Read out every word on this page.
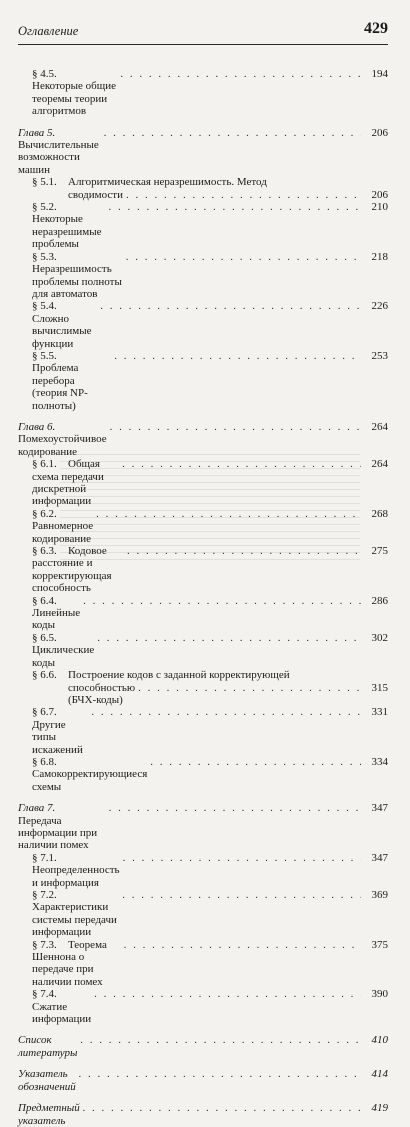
Оглавление	429
§ 4.5.Некоторые общие теоремы теории алгоритмов
. . .
194
Глава 5.Вычислительные возможности машин
. . .
206
§ 5.1. Алгоритмическая неразрешимость. Метод
сводимости
. . .	206
§ 5.2.Некоторые неразрешимые проблемы
. . .
210
§ 5.3.Неразрешимость проблемы полноты для автоматов
. . .
218
§ 5.4.Сложно вычислимые функции
. . .
226
§ 5.5.Проблема перебора (теория NP-полноты)
. . .
253
Глава 6.Помехоустойчивое кодирование
. . .
264
§ 6.1. Общая схема передачи дискретной информации
. . .
264
§ 6.2.Равномерное кодирование
. . .
268
§ 6.3. Кодовое расстояние и корректирующая способность
. . .
275
§ 6.4.Линейные коды
. . .
286
§ 6.5.Циклические коды
. . .
302
§ 6.6. Построение кодов с заданной корректирующей
способностью (БЧХ-коды)
. . .
315
§ 6.7.Другие типы искажений
. . .
331
§ 6.8.Самокорректирующиеся схемы
. . .
334
Глава 7.Передача информации при наличии помех
. . .
347
§ 7.1.Неопределенность и информация
. . .
347
§ 7.2.Характеристики системы передачи информации
. . .
369
§ 7.3. Теорема Шеннона о передаче при наличии помех
. . .
375
§ 7.4.Сжатие информации
. . .
390
Список литературы
. . .
410
Указатель обозначений
. . .
414
Предметный указатель
. . .
419
